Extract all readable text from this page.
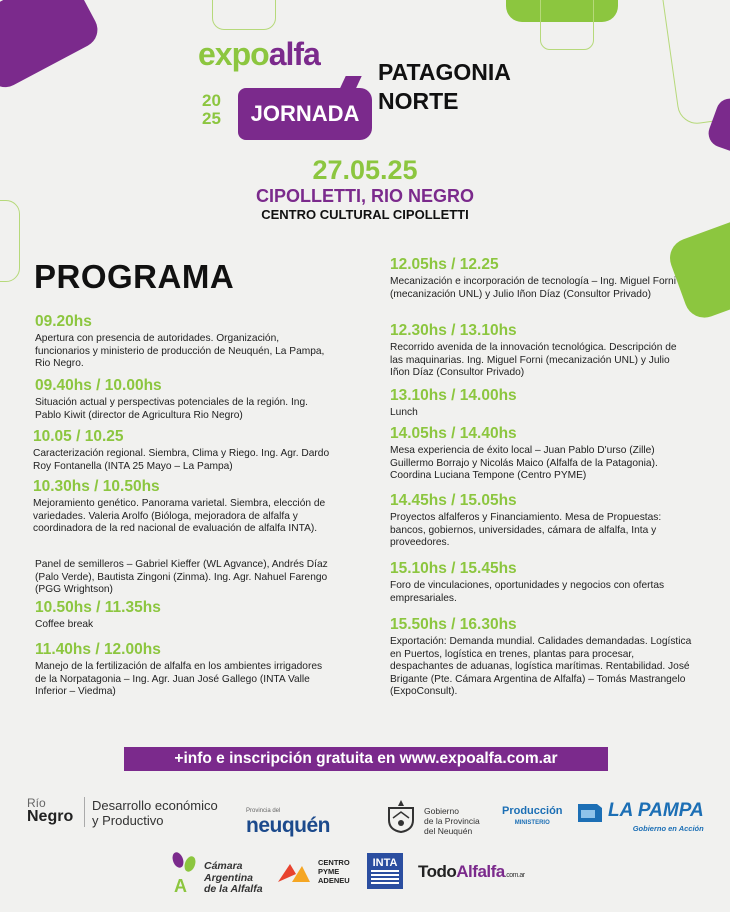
expoalfa
20 25	JORNADA
PATAGONIA
NORTE
27.05.25
CIPOLLETTI, RIO NEGRO
CENTRO CULTURAL CIPOLLETTI
PROGRAMA
09.20hs
Apertura con presencia de autoridades. Organización, funcionarios y ministerio de producción de Neuquén, La Pampa, Rio Negro.
09.40hs / 10.00hs
Situación actual y perspectivas potenciales de la región. Ing. Pablo Kiwit (director de Agricultura Rio Negro)
10.05 / 10.25
Caracterización regional. Siembra, Clima y Riego. Ing. Agr. Dardo Roy Fontanella (INTA 25 Mayo – La Pampa)
10.30hs / 10.50hs
Mejoramiento genético. Panorama varietal. Siembra, elección de variedades. Valeria Arolfo (Bióloga, mejoradora de alfalfa y coordinadora de la red nacional de evaluación de alfalfa INTA).
Panel de semilleros – Gabriel Kieffer (WL Agvance), Andrés Díaz (Palo Verde), Bautista Zingoni (Zinma). Ing. Agr. Nahuel Farengo (PGG Wrightson)
10.50hs / 11.35hs
Coffee break
11.40hs / 12.00hs
Manejo de la fertilización de alfalfa en los ambientes irrigadores de la Norpatagonia – Ing. Agr. Juan José Gallego (INTA Valle Inferior – Viedma)
12.05hs / 12.25
Mecanización e incorporación de tecnología – Ing. Miguel Forni (mecanización UNL) y Julio Iñon Díaz (Consultor Privado)
12.30hs / 13.10hs
Recorrido avenida de la innovación tecnológica. Descripción de las maquinarias. Ing. Miguel Forni (mecanización UNL) y Julio Iñon Díaz (Consultor Privado)
13.10hs / 14.00hs
Lunch
14.05hs / 14.40hs
Mesa experiencia de éxito local – Juan Pablo D'urso (Zille) Guillermo Borrajo y Nicolás Maico (Alfalfa de la Patagonia). Coordina Luciana Tempone (Centro PYME)
14.45hs / 15.05hs
Proyectos alfalferos y Financiamiento. Mesa de Propuestas: bancos, gobiernos, universidades, cámara de alfalfa, Inta y proveedores.
15.10hs / 15.45hs
Foro de vinculaciones, oportunidades y negocios con ofertas empresariales.
15.50hs / 16.30hs
Exportación: Demanda mundial. Calidades demandadas. Logística en Puertos, logística en trenes, plantas para procesar, despachantes de aduanas, logística marítimas. Rentabilidad. José Brigante (Pte. Cámara Argentina de Alfalfa) – Tomás Mastrangelo (ExpoConsult).
+info e inscripción gratuita en www.expoalfa.com.ar
Río
Negro
Desarrollo económico
y Productivo
Provincia del
neuquén
Gobierno
de la Provincia
del Neuquén
Producción
MINISTERIO
LA PAMPA
Gobierno en Acción
A
Cámara
Argentina
de la Alfalfa
CENTRO
PYME
ADENEU
INTA	TodoAlfalfa.com.ar
